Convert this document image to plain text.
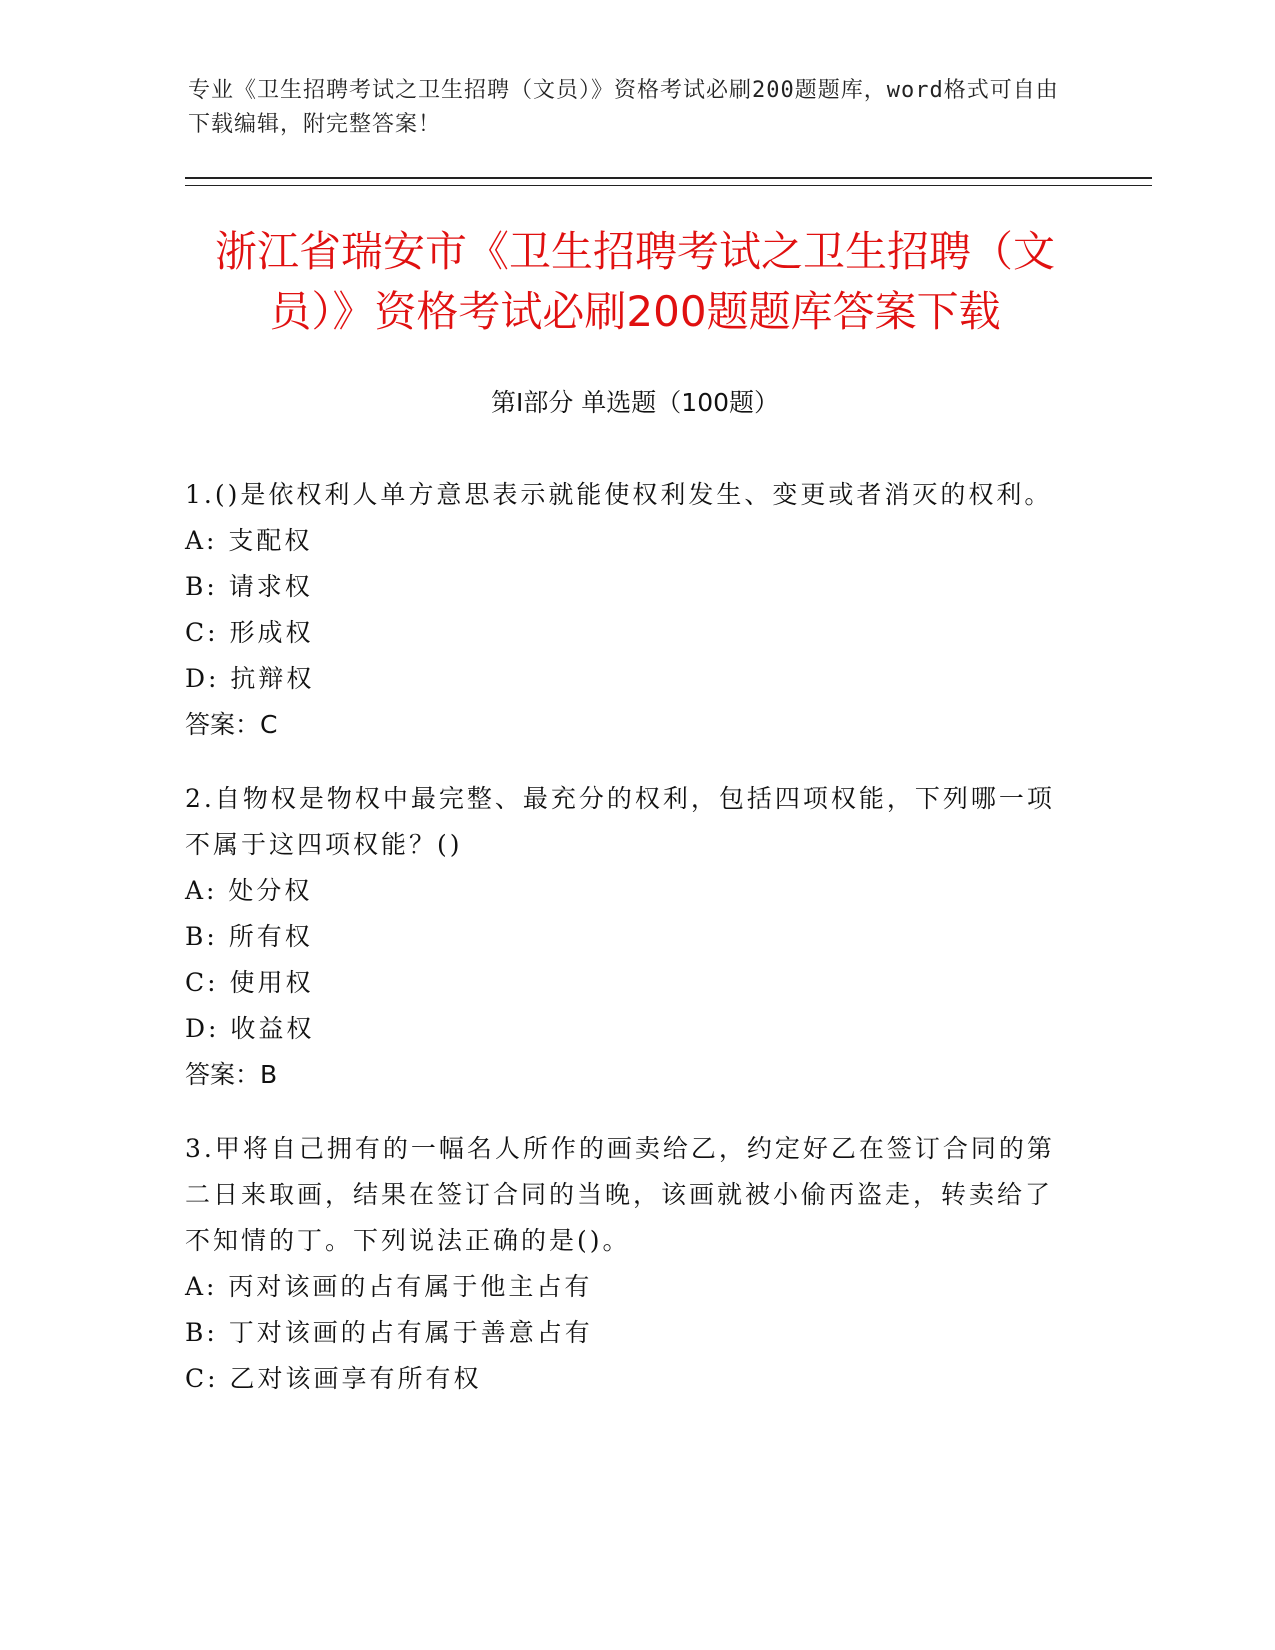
专业《卫生招聘考试之卫生招聘（文员）》资格考试必刷200题题库，word格式可自由下载编辑，附完整答案！
浙江省瑞安市《卫生招聘考试之卫生招聘（文员）》资格考试必刷200题题库答案下载
第Ⅰ部分 单选题（100题）

1.()是依权利人单方意思表示就能使权利发生、变更或者消灭的权利。

A: 支配权

B: 请求权

C: 形成权

D: 抗辩权

答案：C

2.自物权是物权中最完整、最充分的权利，包括四项权能，下列哪一项不属于这四项权能？()

A: 处分权

B: 所有权

C: 使用权

D: 收益权

答案：B

3.甲将自己拥有的一幅名人所作的画卖给乙，约定好乙在签订合同的第二日来取画，结果在签订合同的当晚，该画就被小偷丙盗走，转卖给了不知情的丁。下列说法正确的是()。

A: 丙对该画的占有属于他主占有

B: 丁对该画的占有属于善意占有

C: 乙对该画享有所有权
